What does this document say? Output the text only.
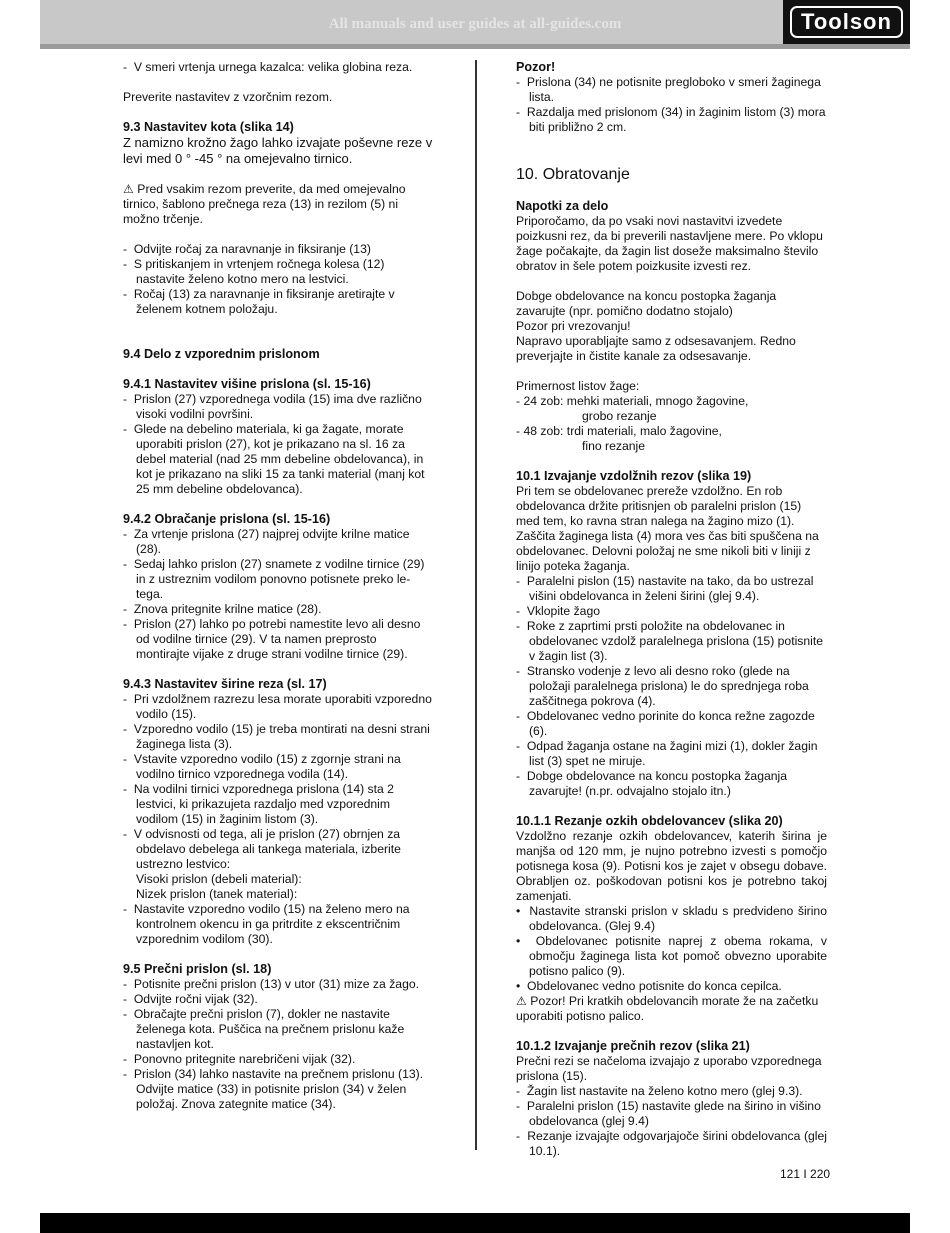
All manuals and user guides at all-guides.com	Toolson

-  V smeri vrtenja urnega kazalca: velika globina reza.

Preverite nastavitev z vzorčnim rezom.

9.3 Nastavitev kota (slika 14)

Z namizno krožno žago lahko izvajate poševne reze v levi med 0 ° -45 ° na omejevalno tirnico.

⚠ Pred vsakim rezom preverite, da med omejevalno tirnico, šablono prečnega reza (13) in rezilom (5) ni možno trčenje.

-  Odvijte ročaj za naravnanje in fiksiranje (13)

-  S pritiskanjem in vrtenjem ročnega kolesa (12) nastavite želeno kotno mero na lestvici.

-  Ročaj (13) za naravnanje in fiksiranje aretirajte v želenem kotnem položaju.

9.4 Delo z vzporednim prislonom

9.4.1 Nastavitev višine prislona (sl. 15-16)

-  Prislon (27) vzporednega vodila (15) ima dve različno visoki vodilni površini.

-  Glede na debelino materiala, ki ga žagate, morate uporabiti prislon (27), kot je prikazano na sl. 16 za debel material (nad 25 mm debeline obdelovanca), in kot je prikazano na sliki 15 za tanki material (manj kot 25 mm debeline obdelovanca).

9.4.2 Obračanje prislona (sl. 15-16)

-  Za vrtenje prislona (27) najprej odvijte krilne matice (28).

-  Sedaj lahko prislon (27) snamete z vodilne tirnice (29) in z ustreznim vodilom ponovno potisnete preko le-tega.

-  Znova pritegnite krilne matice (28).

-  Prislon (27) lahko po potrebi namestite levo ali desno od vodilne tirnice (29). V ta namen preprosto montirajte vijake z druge strani vodilne tirnice (29).

9.4.3 Nastavitev širine reza (sl. 17)

-  Pri vzdolžnem razrezu lesa morate uporabiti vzporedno vodilo (15).

-  Vzporedno vodilo (15) je treba montirati na desni strani žaginega lista (3).

-  Vstavite vzporedno vodilo (15) z zgornje strani na vodilno tirnico vzporednega vodila (14).

-  Na vodilni tirnici vzporednega prislona (14) sta 2 lestvici, ki prikazujeta razdaljo med vzporednim vodilom (15) in žaginim listom (3).

-  V odvisnosti od tega, ali je prislon (27) obrnjen za obdelavo debelega ali tankega materiala, izberite ustrezno lestvico:

Visoki prislon (debeli material):

Nizek prislon (tanek material):

-  Nastavite vzporedno vodilo (15) na želeno mero na kontrolnem okencu in ga pritrdite z ekscentričnim vzporednim vodilom (30).

9.5 Prečni prislon (sl. 18)

-  Potisnite prečni prislon (13) v utor (31) mize za žago.

-  Odvijte ročni vijak (32).

-  Obračajte prečni prislon (7), dokler ne nastavite želenega kota. Puščica na prečnem prislonu kaže nastavljen kot.

-  Ponovno pritegnite narebričeni vijak (32).

-  Prislon (34) lahko nastavite na prečnem prislonu (13). Odvijte matice (33) in potisnite prislon (34) v želen položaj. Znova zategnite matice (34).

Pozor!

-  Prislona (34) ne potisnite pregloboko v smeri žaginega lista.

-  Razdalja med prislonom (34) in žaginim listom (3) mora biti približno 2 cm.

10. Obratovanje

Napotki za delo

Priporočamo, da po vsaki novi nastavitvi izvedete poizkusni rez, da bi preverili nastavljene mere. Po vklopu žage počakajte, da žagin list doseže maksimalno število obratov in šele potem poizkusite izvesti rez.

Dobge obdelovance na koncu postopka žaganja zavarujte (npr. pomično dodatno stojalo)

Pozor pri vrezovanju!

Napravo uporabljajte samo z odsesavanjem. Redno preverjajte in čistite kanale za odsesavanje.

Primernost listov žage:

- 24 zob: mehki materiali, mnogo žagovine,

grobo rezanje

- 48 zob: trdi materiali, malo žagovine,

fino rezanje

10.1 Izvajanje vzdolžnih rezov (slika 19)

Pri tem se obdelovanec prereže vzdolžno. En rob obdelovanca držite pritisnjen ob paralelni prislon (15) med tem, ko ravna stran nalega na žagino mizo (1). Zaščita žaginega lista (4) mora ves čas biti spuščena na obdelovanec. Delovni položaj ne sme nikoli biti v liniji z linijo poteka žaganja.

-  Paralelni pislon (15) nastavite na tako, da bo ustrezal višini obdelovanca in želeni širini (glej 9.4).

-  Vklopite žago

-  Roke z zaprtimi prsti položite na obdelovanec in obdelovanec vzdolž paralelnega prislona (15) potisnite v žagin list (3).

-  Stransko vodenje z levo ali desno roko (glede na položaji paralelnega prislona) le do sprednjega roba zaščitnega pokrova (4).

-  Obdelovanec vedno porinite do konca režne zagozde (6).

-  Odpad žaganja ostane na žagini mizi (1), dokler žagin list (3) spet ne miruje.

-  Dobge obdelovance na koncu postopka žaganja zavarujte! (n.pr. odvajalno stojalo itn.)

10.1.1 Rezanje ozkih obdelovancev (slika 20)

Vzdolžno rezanje ozkih obdelovancev, katerih širina je manjša od 120 mm, je nujno potrebno izvesti s pomočjo potisnega kosa (9). Potisni kos je zajet v obsegu dobave. Obrabljen oz. poškodovan potisni kos je potrebno takoj zamenjati.

•  Nastavite stranski prislon v skladu s predvideno širino obdelovanca. (Glej 9.4)

•  Obdelovanec potisnite naprej z obema rokama, v območju žaginega lista kot pomoč obvezno uporabite potisno palico (9).

•  Obdelovanec vedno potisnite do konca cepilca.

⚠ Pozor! Pri kratkih obdelovancih morate že na začetku uporabiti potisno palico.

10.1.2 Izvajanje prečnih rezov (slika 21)

Prečni rezi se načeloma izvajajo z uporabo vzporednega prislona (15).

-  Žagin list nastavite na želeno kotno mero (glej 9.3).

-  Paralelni prislon (15) nastavite glede na širino in višino obdelovanca (glej 9.4)

-  Rezanje izvajajte odgovarjajoče širini obdelovanca (glej 10.1).

121 I 220
